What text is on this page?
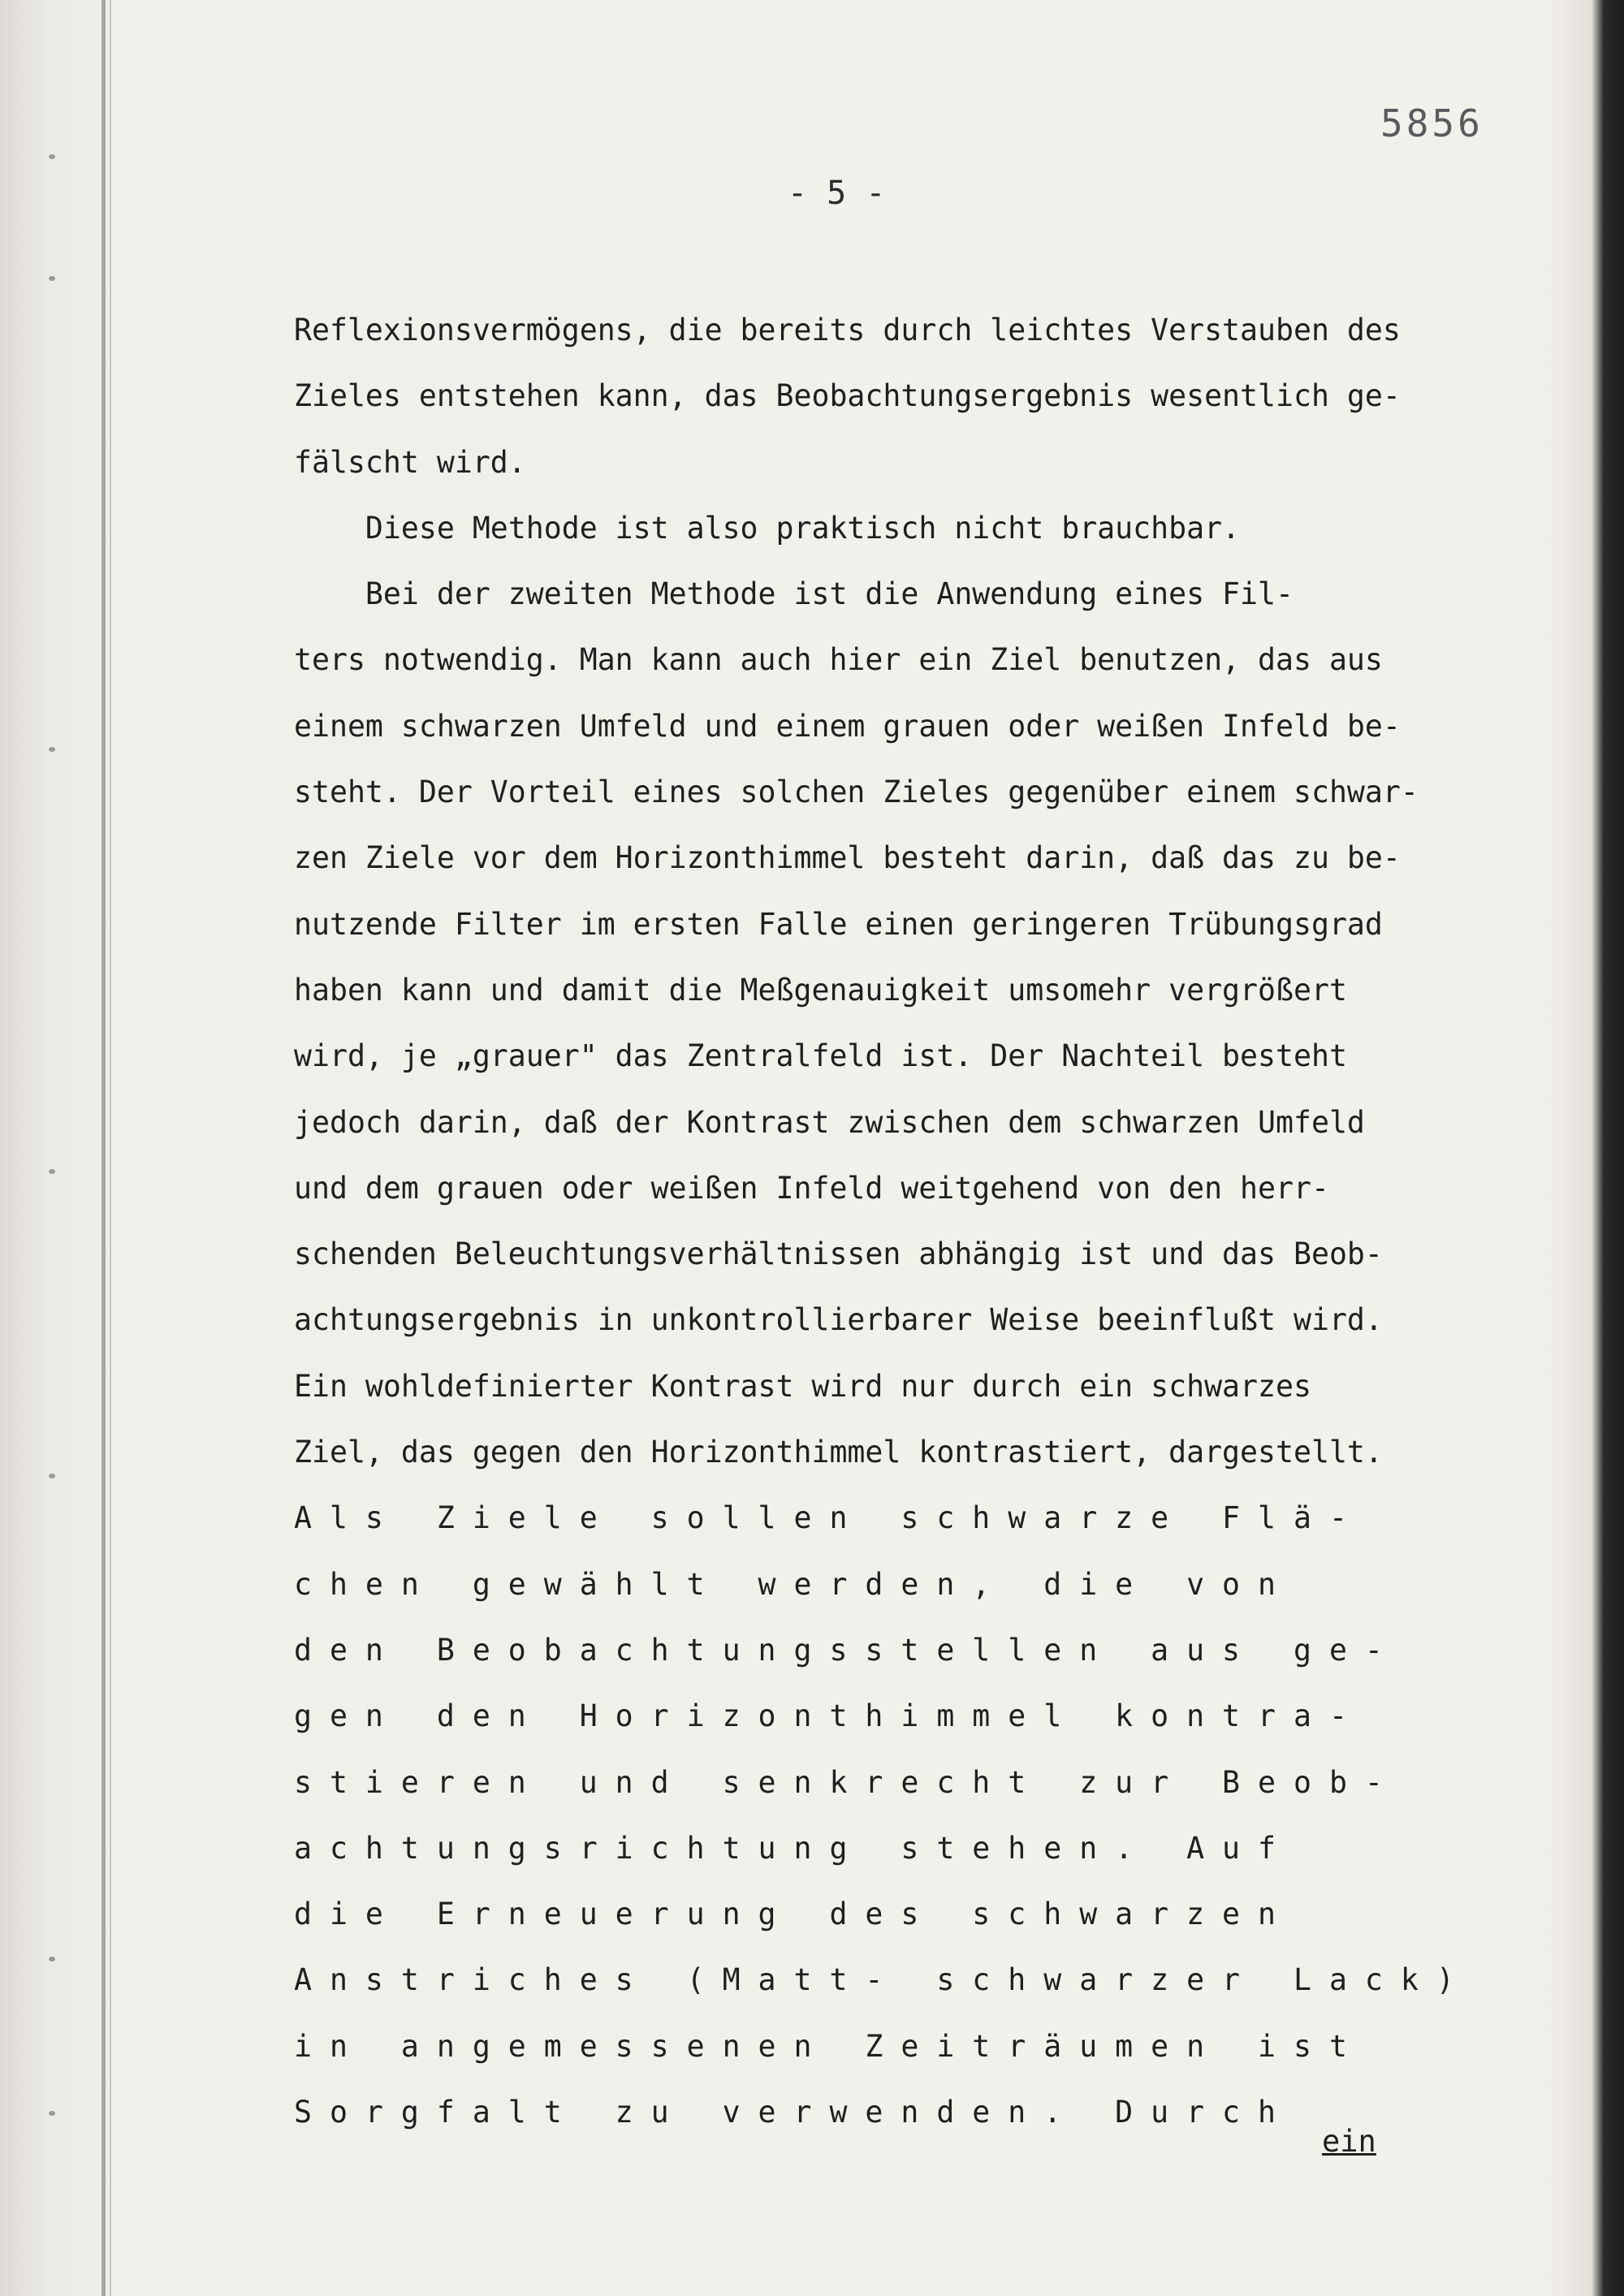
5856
- 5 -
Reflexionsvermögens, die bereits durch leichtes Verstauben des
Zieles entstehen kann, das Beobachtungsergebnis wesentlich ge-
fälscht wird.
Diese Methode ist also praktisch nicht brauchbar.
Bei der zweiten Methode ist die Anwendung eines Fil-
ters notwendig. Man kann auch hier ein Ziel benutzen, das aus
einem schwarzen Umfeld und einem grauen oder weißen Infeld be-
steht. Der Vorteil eines solchen Zieles gegenüber einem schwar-
zen Ziele vor dem Horizonthimmel besteht darin, daß das zu be-
nutzende Filter im ersten Falle einen geringeren Trübungsgrad
haben kann und damit die Meßgenauigkeit umsomehr vergrößert
wird, je „grauer" das Zentralfeld ist. Der Nachteil besteht
jedoch darin, daß der Kontrast zwischen dem schwarzen Umfeld
und dem grauen oder weißen Infeld weitgehend von den herr-
schenden Beleuchtungsverhältnissen abhängig ist und das Beob-
achtungsergebnis in unkontrollierbarer Weise beeinflußt wird.
Ein wohldefinierter Kontrast wird nur durch ein schwarzes
Ziel, das gegen den Horizonthimmel kontrastiert, dargestellt.
A l s   Z i e l e   s o l l e n   s c h w a r z e   F l ä -
c h e n   g e w ä h l t   w e r d e n ,   d i e   v o n
d e n   B e o b a c h t u n g s s t e l l e n   a u s   g e -
g e n   d e n   H o r i z o n t h i m m e l   k o n t r a -
s t i e r e n   u n d   s e n k r e c h t   z u r   B e o b -
a c h t u n g s r i c h t u n g   s t e h e n .   A u f
d i e   E r n e u e r u n g   d e s   s c h w a r z e n
A n s t r i c h e s   ( M a t t -   s c h w a r z e r   L a c k )
i n   a n g e m e s s e n e n   Z e i t r ä u m e n   i s t
S o r g f a l t   z u   v e r w e n d e n .   D u r c h
ein
